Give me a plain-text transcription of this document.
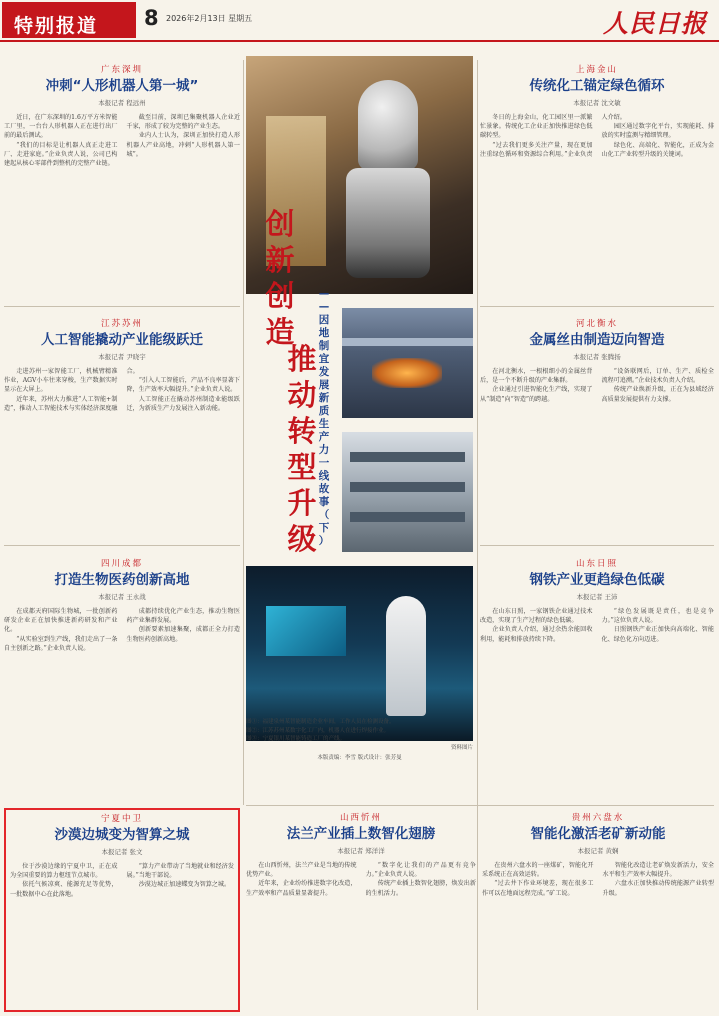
特别报道 8 2026年2月13日 星期五	人民日报
广东深圳
冲刺“人形机器人第一城”
本报记者 程远州

近日，在广东深圳的1.6万平方米智能工厂里，一台台人形机器人正在进行出厂前的最后测试。

“我们的目标是让机器人真正走进工厂、走进家庭。”企业负责人说，公司已构建起从核心零部件到整机的完整产业链。

截至目前，深圳已集聚机器人企业近千家，形成了较为完整的产业生态。

业内人士认为，深圳正加快打造人形机器人产业高地，冲刺“人形机器人第一城”。

上海金山
传统化工锚定绿色循环
本报记者 沈文敏

冬日的上海金山，化工园区里一派繁忙景象。传统化工企业正加快推进绿色低碳转型。

“过去我们更多关注产量，现在更加注重绿色循环和资源综合利用。”企业负责人介绍。

园区通过数字化平台，实现能耗、排放的实时监测与精细管理。

绿色化、高端化、智能化，正成为金山化工产业转型升级的关键词。

江苏苏州
人工智能撬动产业能级跃迁
本报记者 尹晓宇

走进苏州一家智能工厂，机械臂精准作业，AGV小车往来穿梭，生产数据实时显示在大屏上。

近年来，苏州大力推进“人工智能+制造”，推动人工智能技术与实体经济深度融合。

“引入人工智能后，产品不良率显著下降，生产效率大幅提升。”企业负责人说。

人工智能正在撬动苏州制造业能级跃迁，为新质生产力发展注入新动能。

河北衡水
金属丝由制造迈向智造
本报记者 张腾扬

在河北衡水，一根根细小的金属丝背后，是一个不断升级的产业集群。

企业通过引进智能化生产线，实现了从“制造”向“智造”的跨越。

“设备联网后，订单、生产、质检全流程可追溯。”企业技术负责人介绍。

传统产业焕新升级，正在为县域经济高质量发展提供有力支撑。

四川成都
打造生物医药创新高地
本报记者 王永战

在成都天府国际生物城，一批创新药研发企业正在加快推进新药研发和产业化。

“从实验室到生产线，我们走出了一条自主创新之路。”企业负责人说。

成都持续优化产业生态，推动生物医药产业集群发展。

创新要素加速集聚，成都正全力打造生物医药创新高地。

山东日照
钢铁产业更趋绿色低碳
本报记者 王沛

在山东日照，一家钢铁企业通过技术改造，实现了生产过程的绿色低碳。

企业负责人介绍，通过余热余能回收利用，能耗和排放持续下降。

“绿色发展既是责任，也是竞争力。”这位负责人说。

日照钢铁产业正加快向高端化、智能化、绿色化方向迈进。

创
新
创
造
推
动
转
型
升
级
—
—
因
地
制
宜
发
展
新
质
生
产
力
一
线
故
事
（
下
）
图①：福建泉州某智能制造企业车间，工作人员在检测设备。
图②：江苏苏州某数字化工厂内，机器人在进行焊接作业。
图③：宁夏银川某智能铸造工厂的产线。
资料图片
本版责编：李雪 版式设计：张芳曼
宁夏中卫
沙漠边城变为智算之城
本报记者 张文

位于沙漠边缘的宁夏中卫，正在成为全国重要的算力枢纽节点城市。

依托气候凉爽、能源充足等优势，一批数据中心在此落地。

“算力产业带动了当地就业和经济发展。”当地干部说。

沙漠边城正加速蝶变为智算之城。

山西忻州
法兰产业插上数智化翅膀
本报记者 郑洋洋

在山西忻州，法兰产业是当地的传统优势产业。

近年来，企业纷纷推进数字化改造，生产效率和产品质量显著提升。

“数字化让我们的产品更有竞争力。”企业负责人说。

传统产业插上数智化翅膀，焕发出新的生机活力。

贵州六盘水
智能化激活老矿新动能
本报记者 黄娴

在贵州六盘水的一座煤矿，智能化开采系统正在高效运转。

“过去井下作业环境差，现在很多工作可以在地面远程完成。”矿工说。

智能化改造让老矿焕发新活力，安全水平和生产效率大幅提升。

六盘水正加快推动传统能源产业转型升级。
